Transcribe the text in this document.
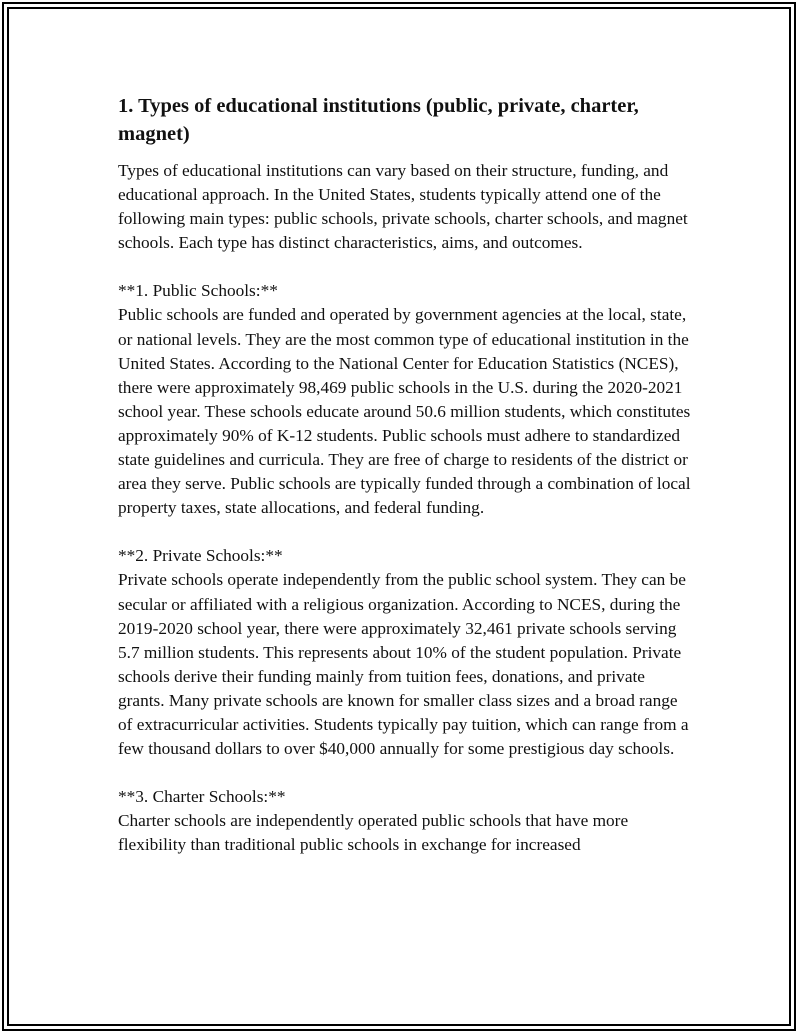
1. Types of educational institutions (public, private, charter, magnet)

Types of educational institutions can vary based on their structure, funding, and educational approach. In the United States, students typically attend one of the following main types: public schools, private schools, charter schools, and magnet schools. Each type has distinct characteristics, aims, and outcomes.

**1. Public Schools:**

Public schools are funded and operated by government agencies at the local, state, or national levels. They are the most common type of educational institution in the United States. According to the National Center for Education Statistics (NCES), there were approximately 98,469 public schools in the U.S. during the 2020-2021 school year. These schools educate around 50.6 million students, which constitutes approximately 90% of K-12 students. Public schools must adhere to standardized state guidelines and curricula. They are free of charge to residents of the district or area they serve. Public schools are typically funded through a combination of local property taxes, state allocations, and federal funding.

**2. Private Schools:**

Private schools operate independently from the public school system. They can be secular or affiliated with a religious organization. According to NCES, during the 2019-2020 school year, there were approximately 32,461 private schools serving 5.7 million students. This represents about 10% of the student population. Private schools derive their funding mainly from tuition fees, donations, and private grants. Many private schools are known for smaller class sizes and a broad range of extracurricular activities. Students typically pay tuition, which can range from a few thousand dollars to over $40,000 annually for some prestigious day schools.

**3. Charter Schools:**

Charter schools are independently operated public schools that have more flexibility than traditional public schools in exchange for increased
